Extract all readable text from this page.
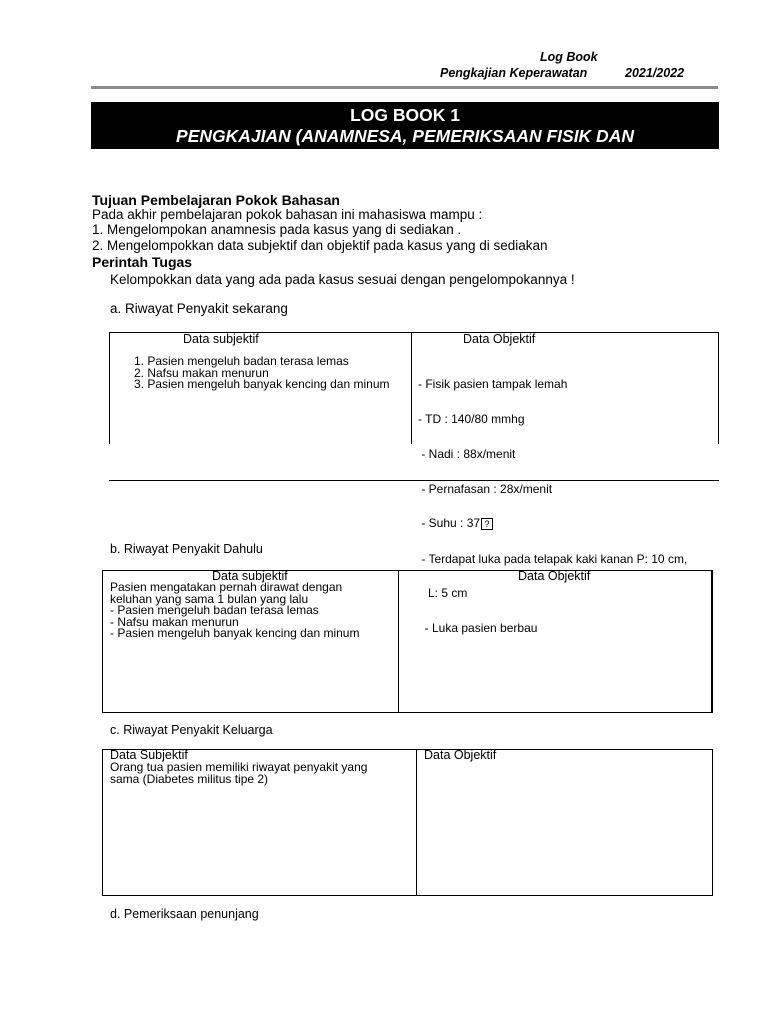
Log Book
Pengkajian Keperawatan	2021/2022
LOG BOOK 1
PENGKAJIAN (ANAMNESA, PEMERIKSAAN FISIK DAN
Tujuan Pembelajaran Pokok Bahasan
Pada akhir pembelajaran pokok bahasan ini mahasiswa mampu :
1. Mengelompokan anamnesis pada kasus yang di sediakan .
2. Mengelompokkan data subjektif dan objektif pada kasus yang di sediakan
Perintah Tugas
Kelompokkan data yang ada pada kasus sesuai dengan pengelompokannya !
a. Riwayat Penyakit sekarang
Data subjektif	Data Objektif
1. Pasien mengeluh badan terasa lemas
2. Nafsu makan menurun
3. Pasien mengeluh banyak kencing dan minum

- Fisik pasien tampak lemah

- TD : 140/80 mmhg

- Nadi : 88x/menit

- Pernafasan : 28x/menit

- Suhu : 37 ?

- Terdapat luka pada telapak kaki kanan P: 10 cm,

L: 5 cm

- Luka pasien berbau

b. Riwayat Penyakit Dahulu
Data subjektif	Data Objektif
Pasien mengatakan pernah dirawat dengan
keluhan yang sama 1 bulan yang lalu
- Pasien mengeluh badan terasa lemas
- Nafsu makan menurun
- Pasien mengeluh banyak kencing dan minum
c. Riwayat Penyakit Keluarga
Data Subjektif	Data Objektif
Orang tua pasien memiliki riwayat penyakit yang
sama (Diabetes militus tipe 2)
d. Pemeriksaan penunjang
